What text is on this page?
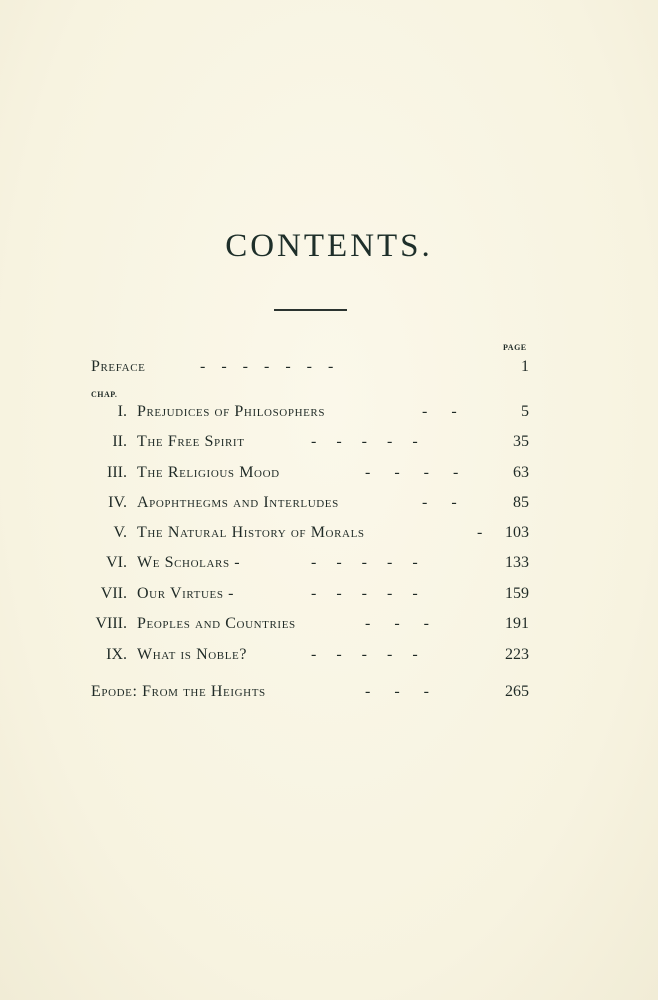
CONTENTS.
PAGE
Preface	-    -    -    -    -    -    -	1
CHAP.
I. Prejudices of Philosophers	-      -	5
II. The Free Spirit	-     -     -     -     -	35
III. The Religious Mood	-      -      -      -	63
IV. Apophthegms and Interludes	-      -	85
V. The Natural History of Morals	- 103
VI. We Scholars -	-     -     -     -     -	133
VII. Our Virtues -	-     -     -     -     -	159
VIII. Peoples and Countries	-      -      -	191
IX. What is Noble?	-     -     -     -     -	223
Epode: From the Heights	-      -      -	265
